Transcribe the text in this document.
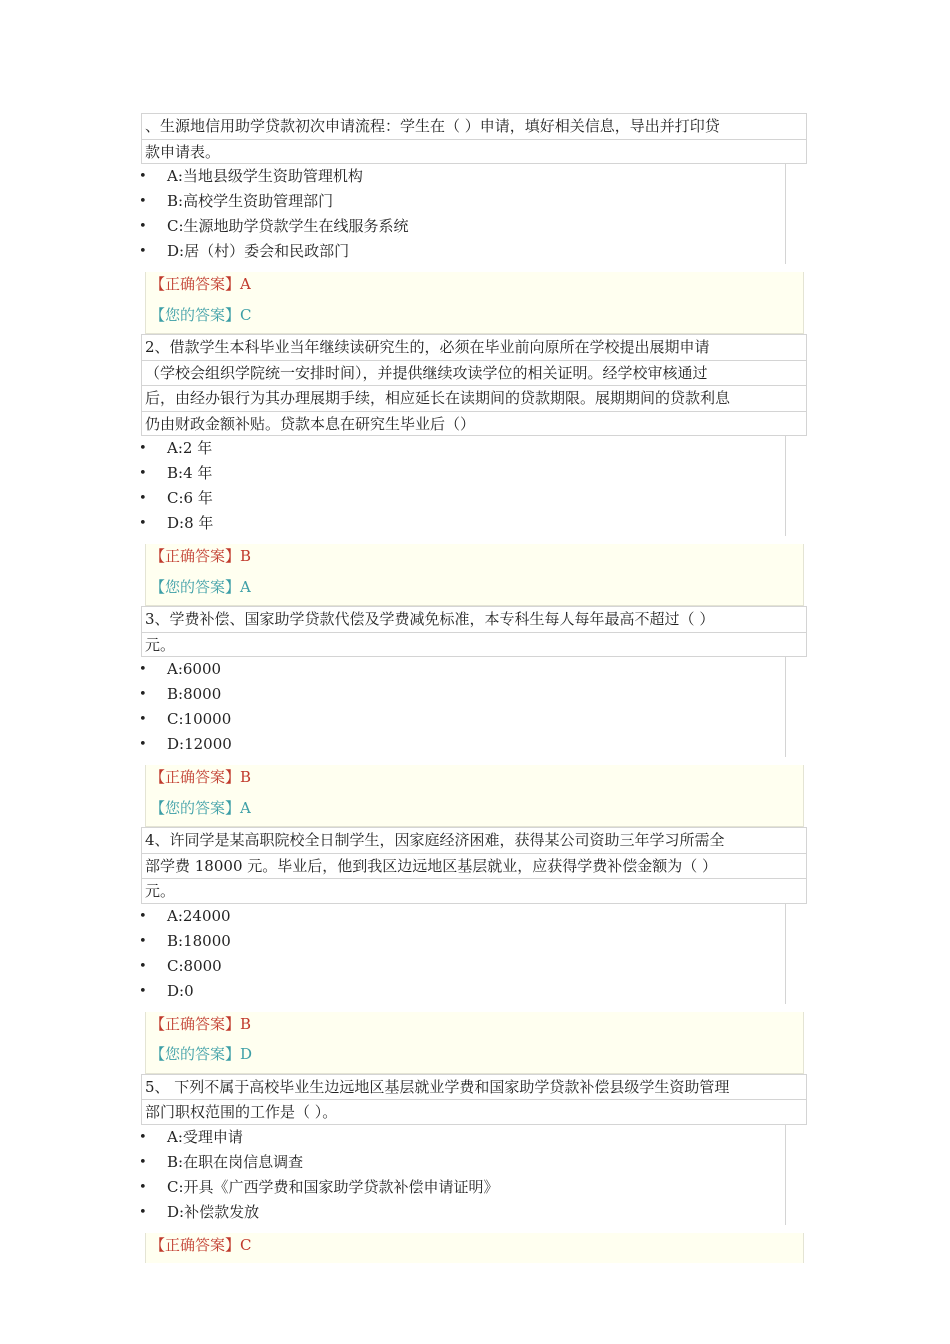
、生源地信用助学贷款初次申请流程：学生在（ ）申请，填好相关信息，导出并打印贷
款申请表。
• A:当地县级学生资助管理机构
• B:高校学生资助管理部门
• C:生源地助学贷款学生在线服务系统
• D:居（村）委会和民政部门
【正确答案】A
【您的答案】C
2、借款学生本科毕业当年继续读研究生的，必须在毕业前向原所在学校提出展期申请
（学校会组织学院统一安排时间），并提供继续攻读学位的相关证明。经学校审核通过
后，由经办银行为其办理展期手续，相应延长在读期间的贷款期限。展期期间的贷款利息
仍由财政金额补贴。贷款本息在研究生毕业后（）
• A:2 年
• B:4 年
• C:6 年
• D:8 年
【正确答案】B
【您的答案】A
3、学费补偿、国家助学贷款代偿及学费减免标准，本专科生每人每年最高不超过（ ）
元。
• A:6000
• B:8000
• C:10000
• D:12000
【正确答案】B
【您的答案】A
4、许同学是某高职院校全日制学生，因家庭经济困难，获得某公司资助三年学习所需全
部学费 18000 元。毕业后，他到我区边远地区基层就业，应获得学费补偿金额为（ ）
元。
• A:24000
• B:18000
• C:8000
• D:0
【正确答案】B
【您的答案】D
5、 下列不属于高校毕业生边远地区基层就业学费和国家助学贷款补偿县级学生资助管理
部门职权范围的工作是（ ）。
• A:受理申请
• B:在职在岗信息调查
• C:开具《广西学费和国家助学贷款补偿申请证明》
• D:补偿款发放
【正确答案】C
